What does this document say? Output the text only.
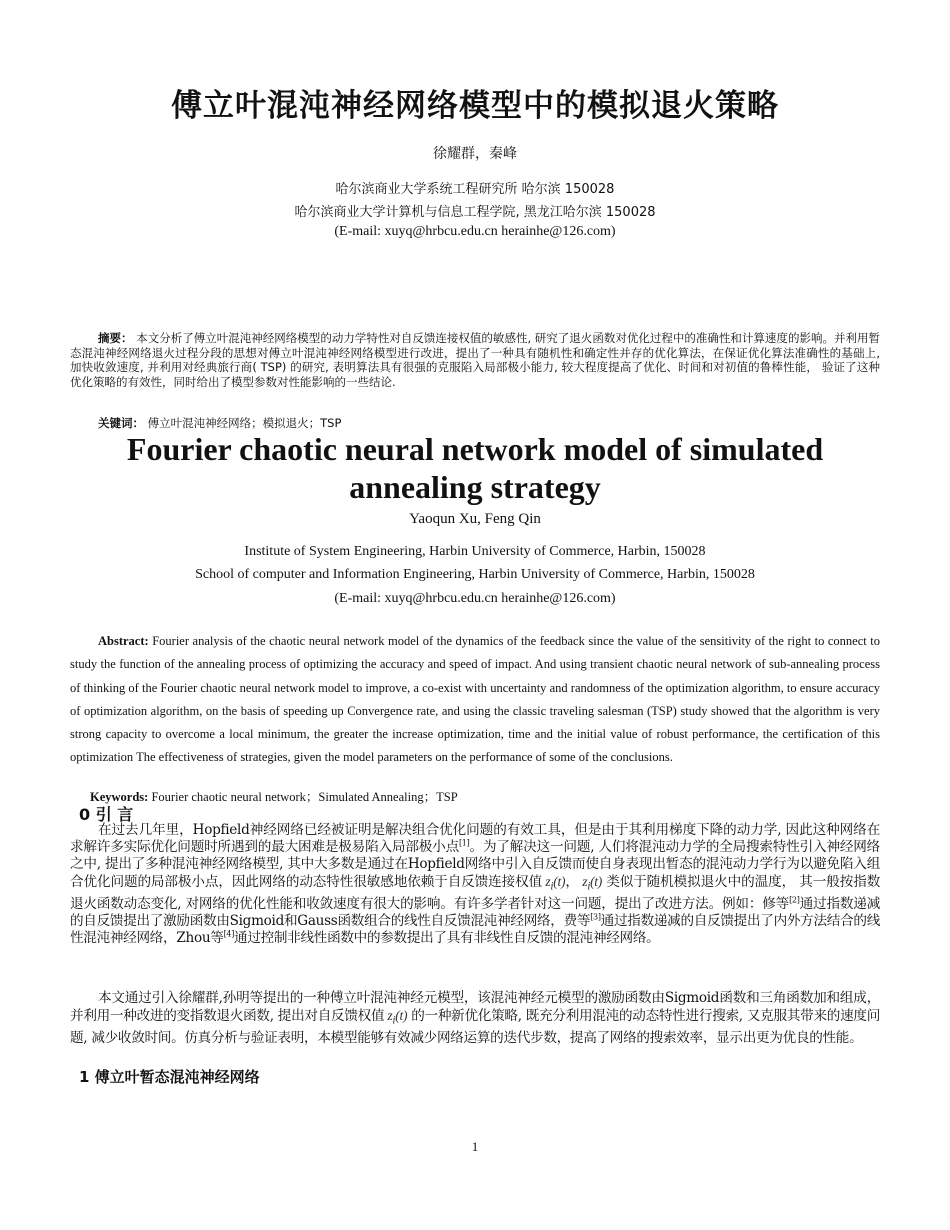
傅立叶混沌神经网络模型中的模拟退火策略
徐耀群，秦峰
哈尔滨商业大学系统工程研究所 哈尔滨 150028
哈尔滨商业大学计算机与信息工程学院, 黑龙江哈尔滨 150028
(E-mail: xuyq@hrbcu.edu.cn herainhe@126.com)
摘要： 本文分析了傅立叶混沌神经网络模型的动力学特性对自反馈连接权值的敏感性, 研究了退火函数对优化过程中的准确性和计算速度的影响。并利用暂态混沌神经网络退火过程分段的思想对傅立叶混沌神经网络模型进行改进，提出了一种具有随机性和确定性并存的优化算法，在保证优化算法准确性的基础上, 加快收敛速度, 并利用对经典旅行商( TSP) 的研究, 表明算法具有很强的克服陷入局部极小能力, 较大程度提高了优化、时间和对初值的鲁棒性能， 验证了这种优化策略的有效性，同时给出了模型参数对性能影响的一些结论.
关键词： 傅立叶混沌神经网络；模拟退火；TSP
Fourier chaotic neural network model of simulated annealing strategy
Yaoqun Xu, Feng Qin
Institute of System Engineering, Harbin University of Commerce, Harbin, 150028
School of computer and Information Engineering, Harbin University of Commerce, Harbin, 150028
(E-mail: xuyq@hrbcu.edu.cn herainhe@126.com)
Abstract: Fourier analysis of the chaotic neural network model of the dynamics of the feedback since the value of the sensitivity of the right to connect to study the function of the annealing process of optimizing the accuracy and speed of impact. And using transient chaotic neural network of sub-annealing process of thinking of the Fourier chaotic neural network model to improve, a co-exist with uncertainty and randomness of the optimization algorithm, to ensure accuracy of optimization algorithm, on the basis of speeding up Convergence rate, and using the classic traveling salesman (TSP) study showed that the algorithm is very strong capacity to overcome a local minimum, the greater the increase optimization, time and the initial value of robust performance, the certification of this optimization The effectiveness of strategies, given the model parameters on the performance of some of the conclusions.
Keywords: Fourier chaotic neural network；Simulated Annealing；TSP
0 引 言
在过去几年里，Hopfield神经网络已经被证明是解决组合优化问题的有效工具，但是由于其利用梯度下降的动力学, 因此这种网络在求解许多实际优化问题时所遇到的最大困难是极易陷入局部极小点[1]。为了解决这一问题, 人们将混沌动力学的全局搜索特性引入神经网络之中, 提出了多种混沌神经网络模型, 其中大多数是通过在Hopfield网络中引入自反馈而使自身表现出暂态的混沌动力学行为以避免陷入组合优化问题的局部极小点，因此网络的动态特性很敏感地依赖于自反馈连接权值 $z_i(t)$， $z_i(t)$ 类似于随机模拟退火中的温度， 其一般按指数退火函数动态变化, 对网络的优化性能和收敛速度有很大的影响。有许多学者针对这一问题，提出了改进方法。例如：修等[2]通过指数递减的自反馈提出了激励函数由Sigmoid和Gauss函数组合的线性自反馈混沌神经网络，费等[3]通过指数递减的自反馈提出了内外方法结合的线性混沌神经网络，Zhou等[4]通过控制非线性函数中的参数提出了具有非线性自反馈的混沌神经网络。
本文通过引入徐耀群,孙明等提出的一种傅立叶混沌神经元模型，该混沌神经元模型的激励函数由Sigmoid函数和三角函数加和组成，并利用一种改进的变指数退火函数, 提出对自反馈权值 $z_i(t)$ 的一种新优化策略, 既充分利用混沌的动态特性进行搜索, 又克服其带来的速度问题, 减少收敛时间。仿真分析与验证表明，本模型能够有效减少网络运算的迭代步数，提高了网络的搜索效率，显示出更为优良的性能。
1 傅立叶暂态混沌神经网络
1
